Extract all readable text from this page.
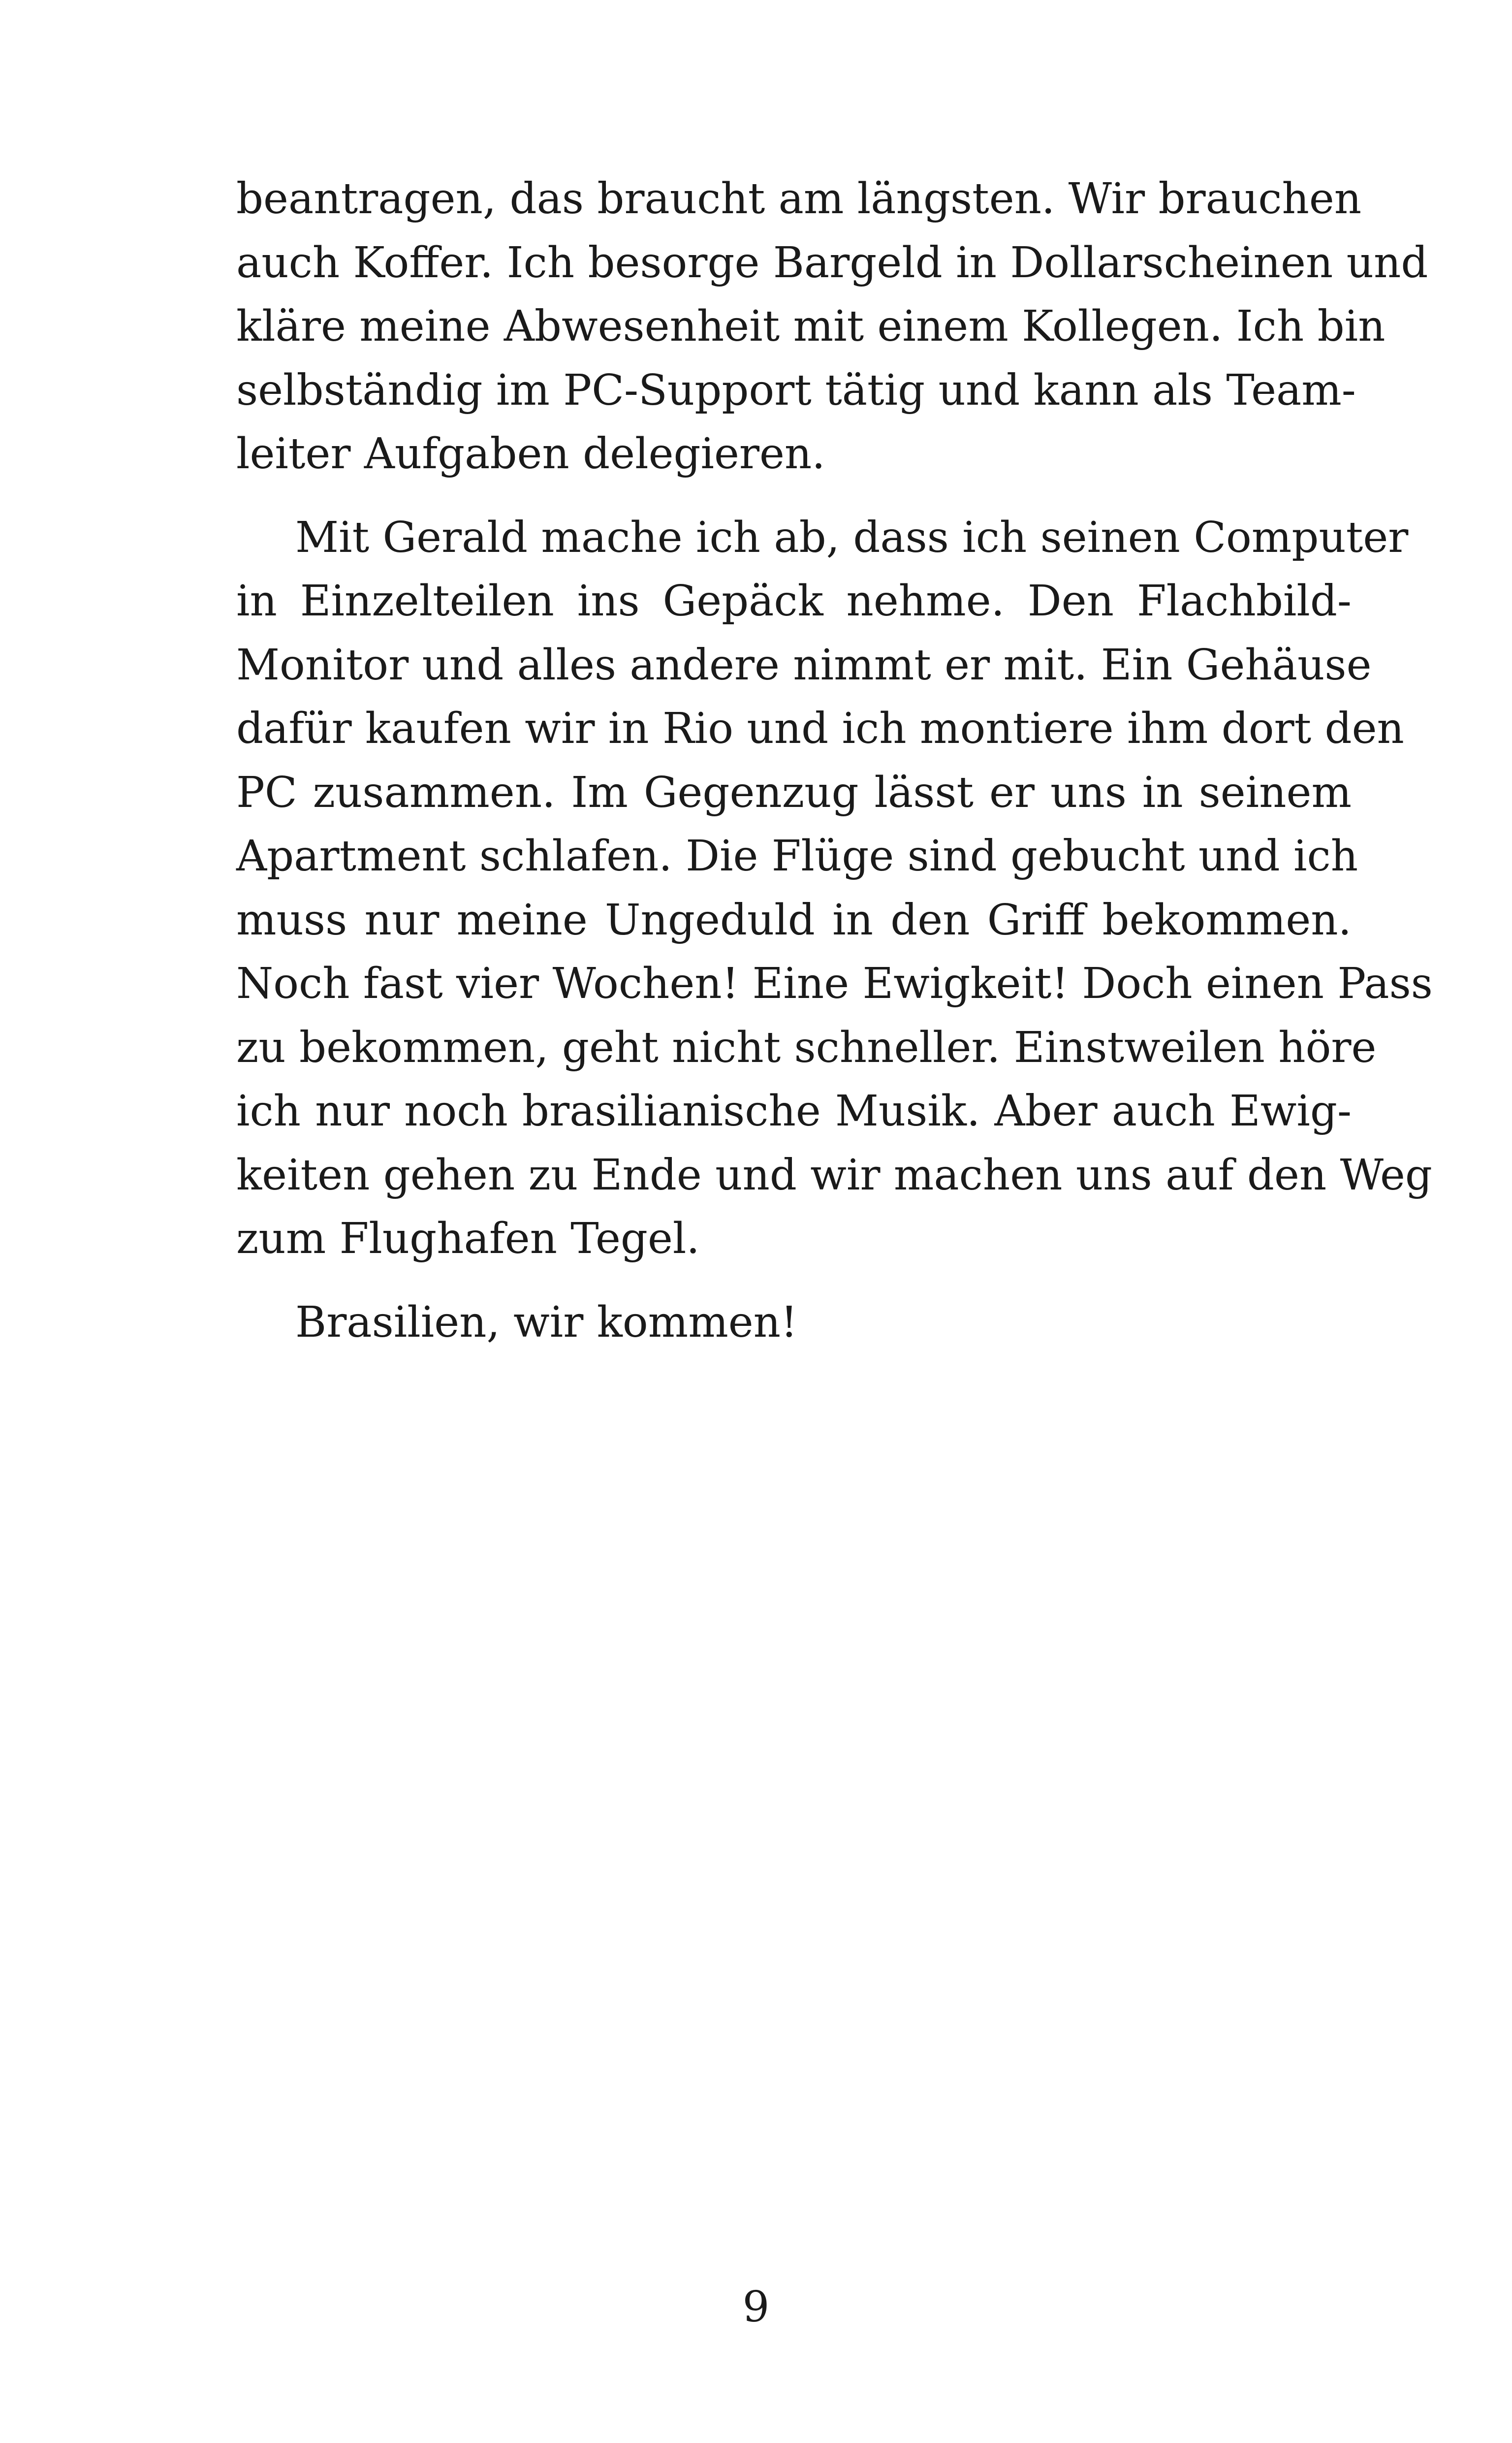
beantragen, das braucht am längsten. Wir brauchen
auch Koffer. Ich besorge Bargeld in Dollarscheinen und
kläre meine Abwesenheit mit einem Kollegen. Ich bin
selbständig im PC-Support tätig und kann als Team-
leiter Aufgaben delegieren.
Mit Gerald mache ich ab, dass ich seinen Computer
in Einzelteilen ins Gepäck nehme. Den Flachbild-
Monitor und alles andere nimmt er mit. Ein Gehäuse
dafür kaufen wir in Rio und ich montiere ihm dort den
PC zusammen. Im Gegenzug lässt er uns in seinem
Apartment schlafen. Die Flüge sind gebucht und ich
muss nur meine Ungeduld in den Griff bekommen.
Noch fast vier Wochen! Eine Ewigkeit! Doch einen Pass
zu bekommen, geht nicht schneller. Einstweilen höre
ich nur noch brasilianische Musik. Aber auch Ewig-
keiten gehen zu Ende und wir machen uns auf den Weg
zum Flughafen Tegel.
Brasilien, wir kommen!
9
